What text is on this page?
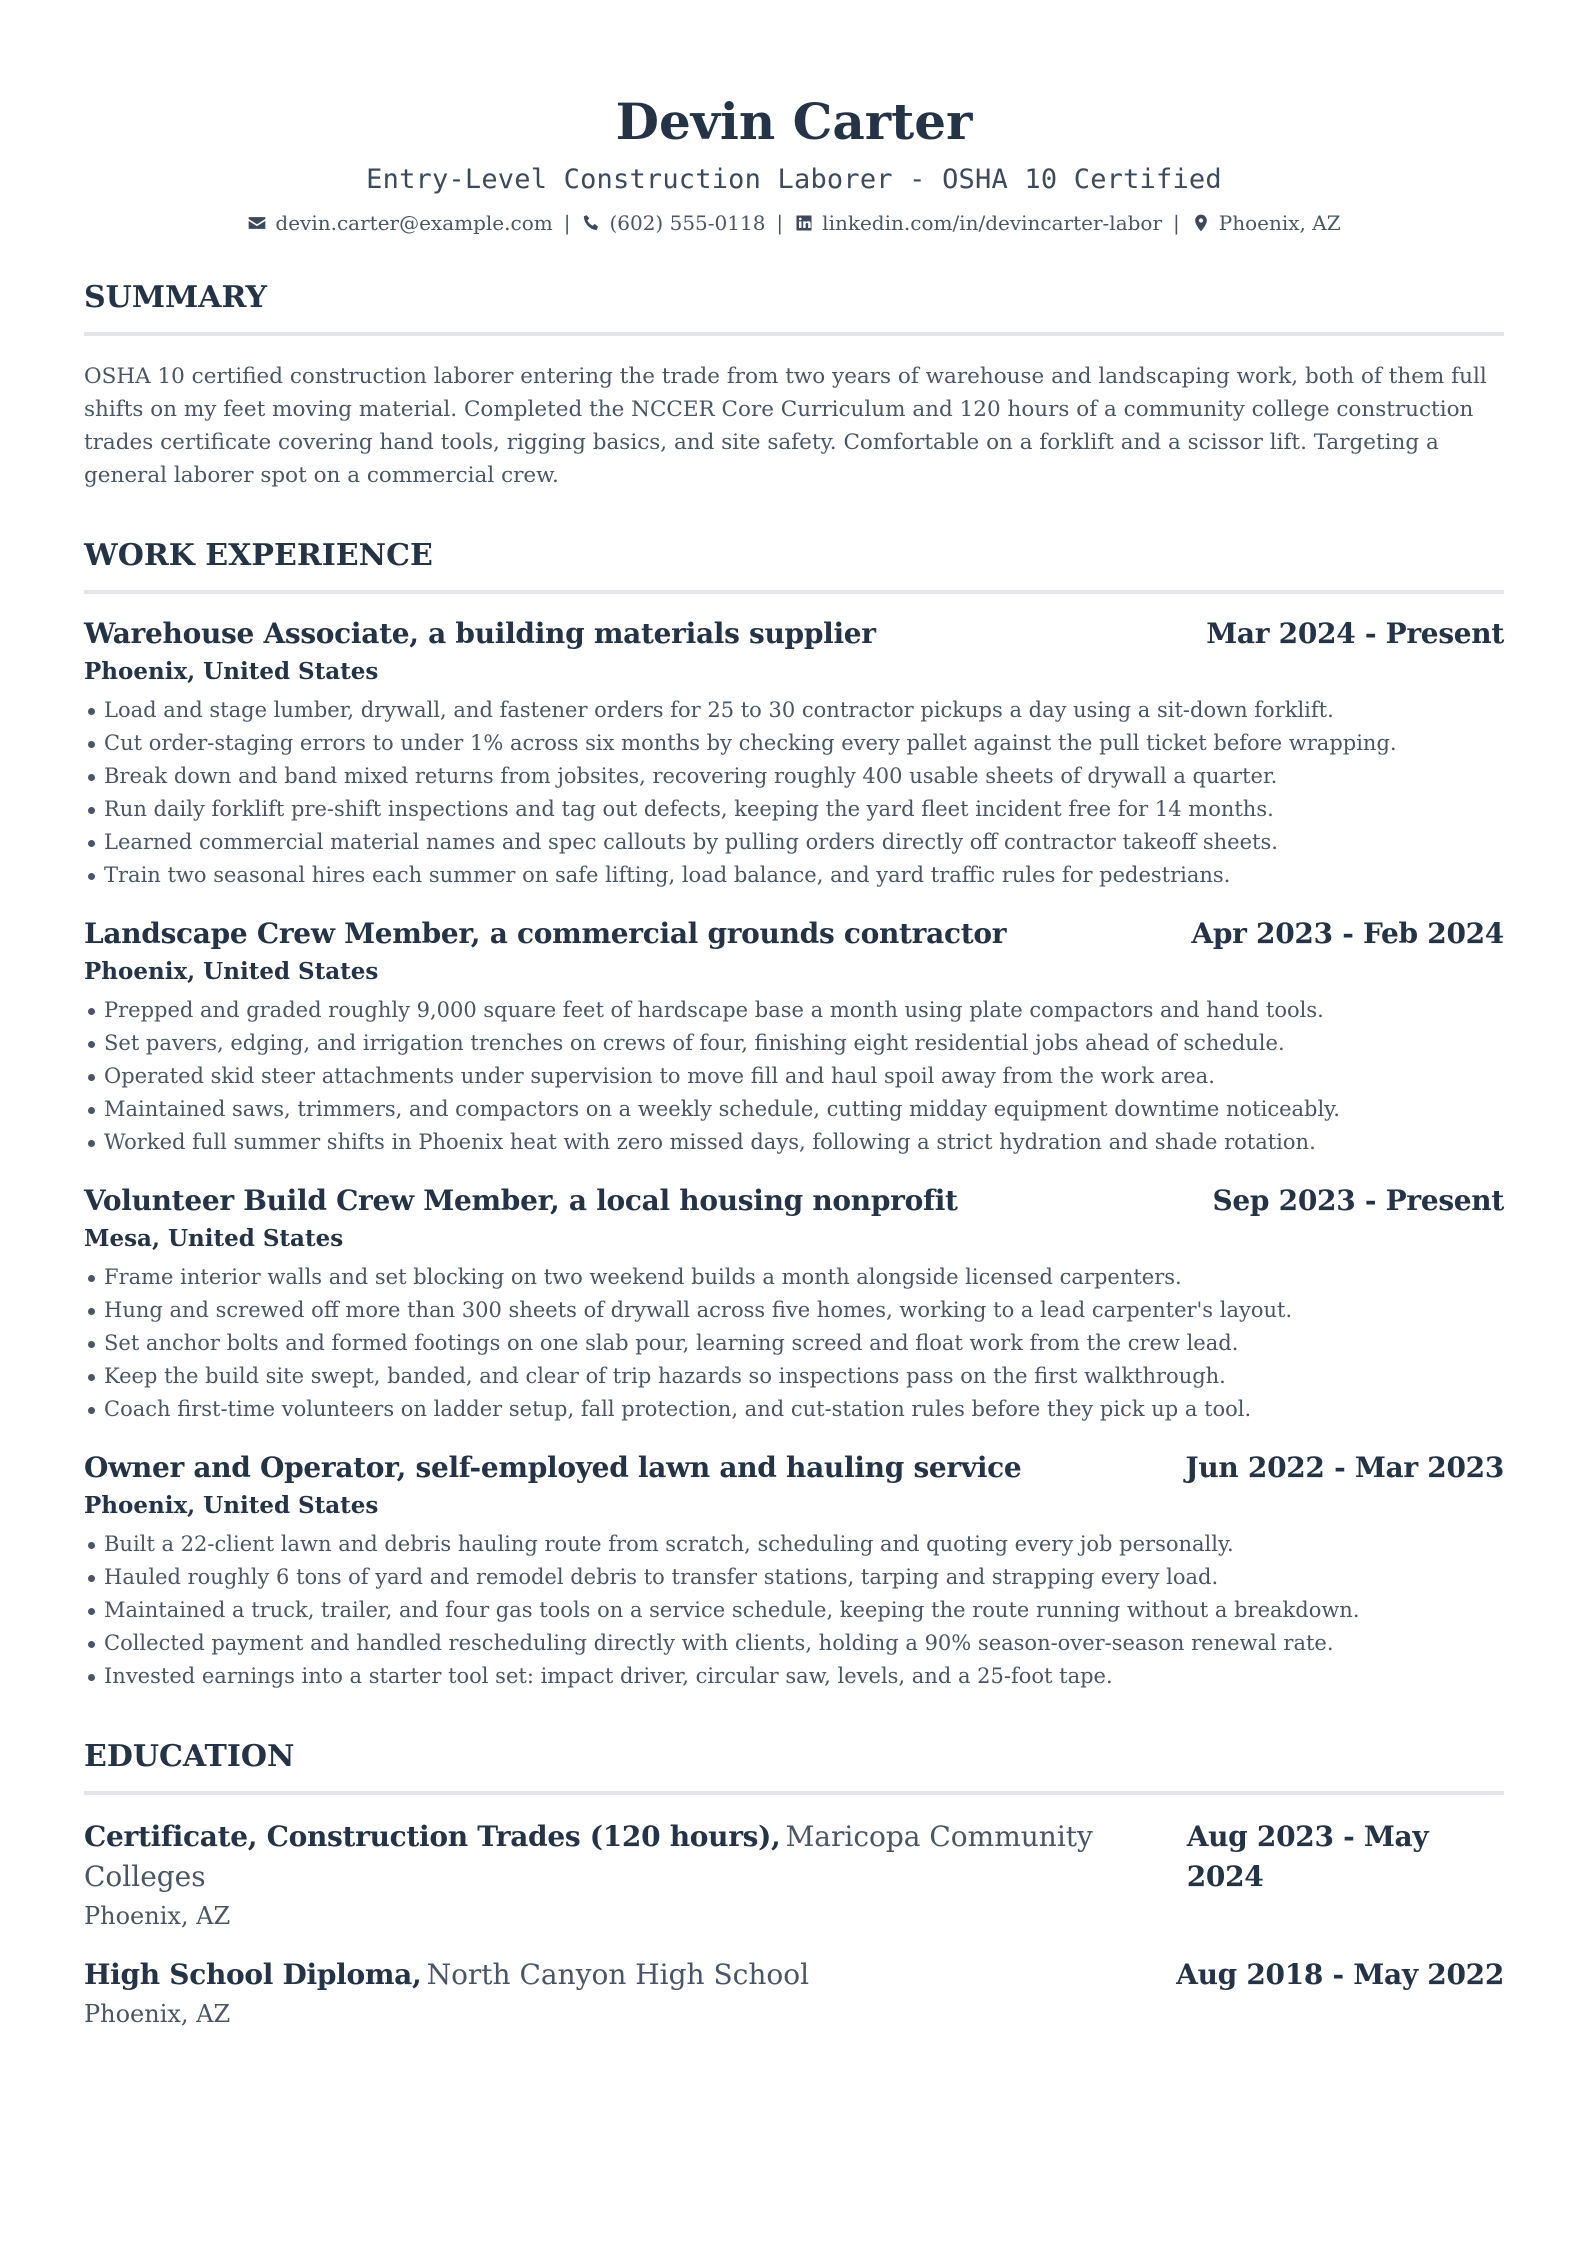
Devin Carter
Entry-Level Construction Laborer - OSHA 10 Certified
devin.carter@example.com | (602) 555-0118 | linkedin.com/in/devincarter-labor | Phoenix, AZ
SUMMARY

OSHA 10 certified construction laborer entering the trade from two years of warehouse and landscaping work, both of them full shifts on my feet moving material. Completed the NCCER Core Curriculum and 120 hours of a community college construction trades certificate covering hand tools, rigging basics, and site safety. Comfortable on a forklift and a scissor lift. Targeting a general laborer spot on a commercial crew.

WORK EXPERIENCE
Warehouse Associate, a building materials supplier	Mar 2024 - Present
Phoenix, United States
Load and stage lumber, drywall, and fastener orders for 25 to 30 contractor pickups a day using a sit-down forklift.
Cut order-staging errors to under 1% across six months by checking every pallet against the pull ticket before wrapping.
Break down and band mixed returns from jobsites, recovering roughly 400 usable sheets of drywall a quarter.
Run daily forklift pre-shift inspections and tag out defects, keeping the yard fleet incident free for 14 months.
Learned commercial material names and spec callouts by pulling orders directly off contractor takeoff sheets.
Train two seasonal hires each summer on safe lifting, load balance, and yard traffic rules for pedestrians.
Landscape Crew Member, a commercial grounds contractor	Apr 2023 - Feb 2024
Phoenix, United States
Prepped and graded roughly 9,000 square feet of hardscape base a month using plate compactors and hand tools.
Set pavers, edging, and irrigation trenches on crews of four, finishing eight residential jobs ahead of schedule.
Operated skid steer attachments under supervision to move fill and haul spoil away from the work area.
Maintained saws, trimmers, and compactors on a weekly schedule, cutting midday equipment downtime noticeably.
Worked full summer shifts in Phoenix heat with zero missed days, following a strict hydration and shade rotation.
Volunteer Build Crew Member, a local housing nonprofit	Sep 2023 - Present
Mesa, United States
Frame interior walls and set blocking on two weekend builds a month alongside licensed carpenters.
Hung and screwed off more than 300 sheets of drywall across five homes, working to a lead carpenter's layout.
Set anchor bolts and formed footings on one slab pour, learning screed and float work from the crew lead.
Keep the build site swept, banded, and clear of trip hazards so inspections pass on the first walkthrough.
Coach first-time volunteers on ladder setup, fall protection, and cut-station rules before they pick up a tool.
Owner and Operator, self-employed lawn and hauling service	Jun 2022 - Mar 2023
Phoenix, United States
Built a 22-client lawn and debris hauling route from scratch, scheduling and quoting every job personally.
Hauled roughly 6 tons of yard and remodel debris to transfer stations, tarping and strapping every load.
Maintained a truck, trailer, and four gas tools on a service schedule, keeping the route running without a breakdown.
Collected payment and handled rescheduling directly with clients, holding a 90% season-over-season renewal rate.
Invested earnings into a starter tool set: impact driver, circular saw, levels, and a 25-foot tape.
EDUCATION
Certificate, Construction Trades (120 hours), Maricopa Community Colleges
Aug 2023 - May 2024
Phoenix, AZ
High School Diploma, North Canyon High School	Aug 2018 - May 2022
Phoenix, AZ
